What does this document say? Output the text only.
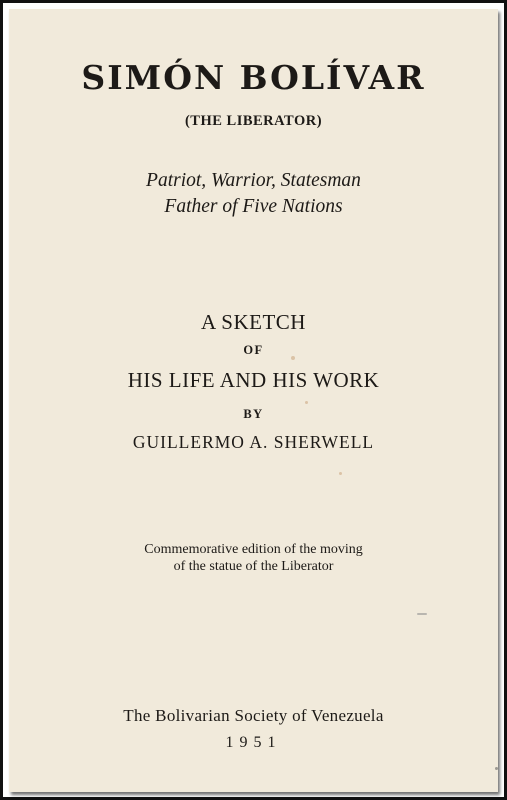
SIMÓN BOLÍVAR
(THE LIBERATOR)
Patriot, Warrior, Statesman
Father of Five Nations
A SKETCH
OF
HIS LIFE AND HIS WORK
BY
GUILLERMO A. SHERWELL
Commemorative edition of the moving
of the statue of the Liberator
The Bolivarian Society of Venezuela
1951
